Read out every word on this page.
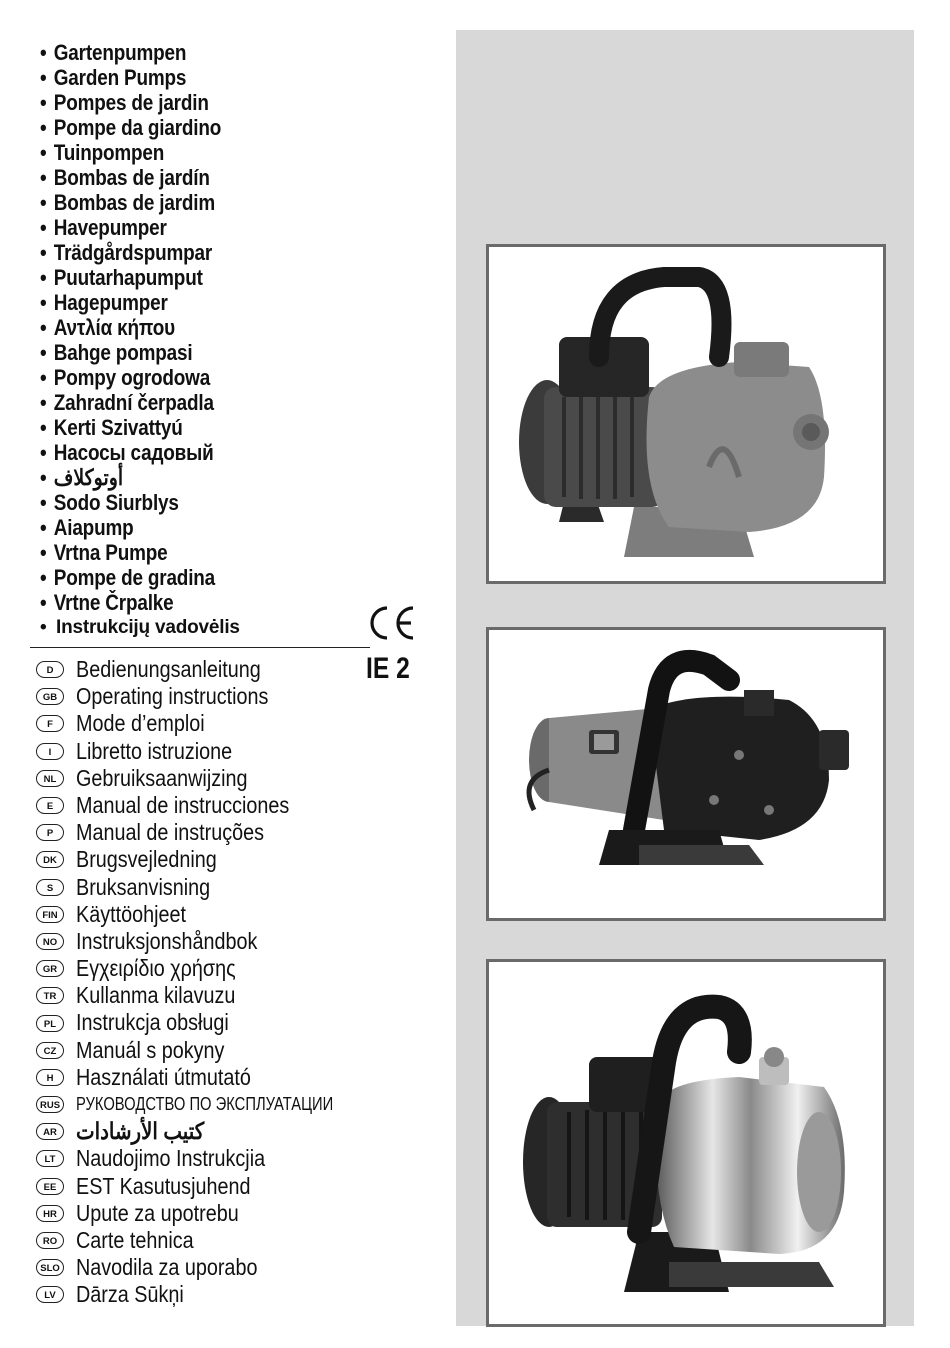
• Gartenpumpen
• Garden Pumps
• Pompes de jardin
• Pompe da giardino
• Tuinpompen
• Bombas de jardín
• Bombas de jardim
• Havepumper
• Trädgårdspumpar
• Puutarhapumput
• Hagepumper
• Αντλία κήπου
• Bahge pompasi
• Pompy ogrodowa
• Zahradní čerpadla
• Kerti Szivattyú
• Насосы садовый
• أوتوكلاف
• Sodo Siurblys
• Aiapump
• Vrtna Pumpe
• Pompe de gradina
• Vrtne Črpalke
• Instrukcijų vadovėlis
IE 2
D Bedienungsanleitung
GB Operating instructions
F	Mode d’emploi
I	Libretto istruzione
NL Gebruiksaanwijzing
E Manual de instrucciones
P Manual de instruções
DK Brugsvejledning
S Bruksanvisning
FIN Käyttöohjeet
NO Instruksjonshåndbok
GR Εγχειρίδιο χρήσης
TR Kullanma kilavuzu
PL Instrukcja obsługi
CZ Manuál s pokyny
H Használati útmutató
RUS РУКОВОДСТВО ПО ЭКСПЛУАТАЦИИ
AR كتيب الأرشادات
LT Naudojimo Instrukcjia
EE EST Kasutusjuhend
HR Upute za upotrebu
RO Carte tehnica
SLO Navodila za uporabo
LV Dārza Sūkņi
